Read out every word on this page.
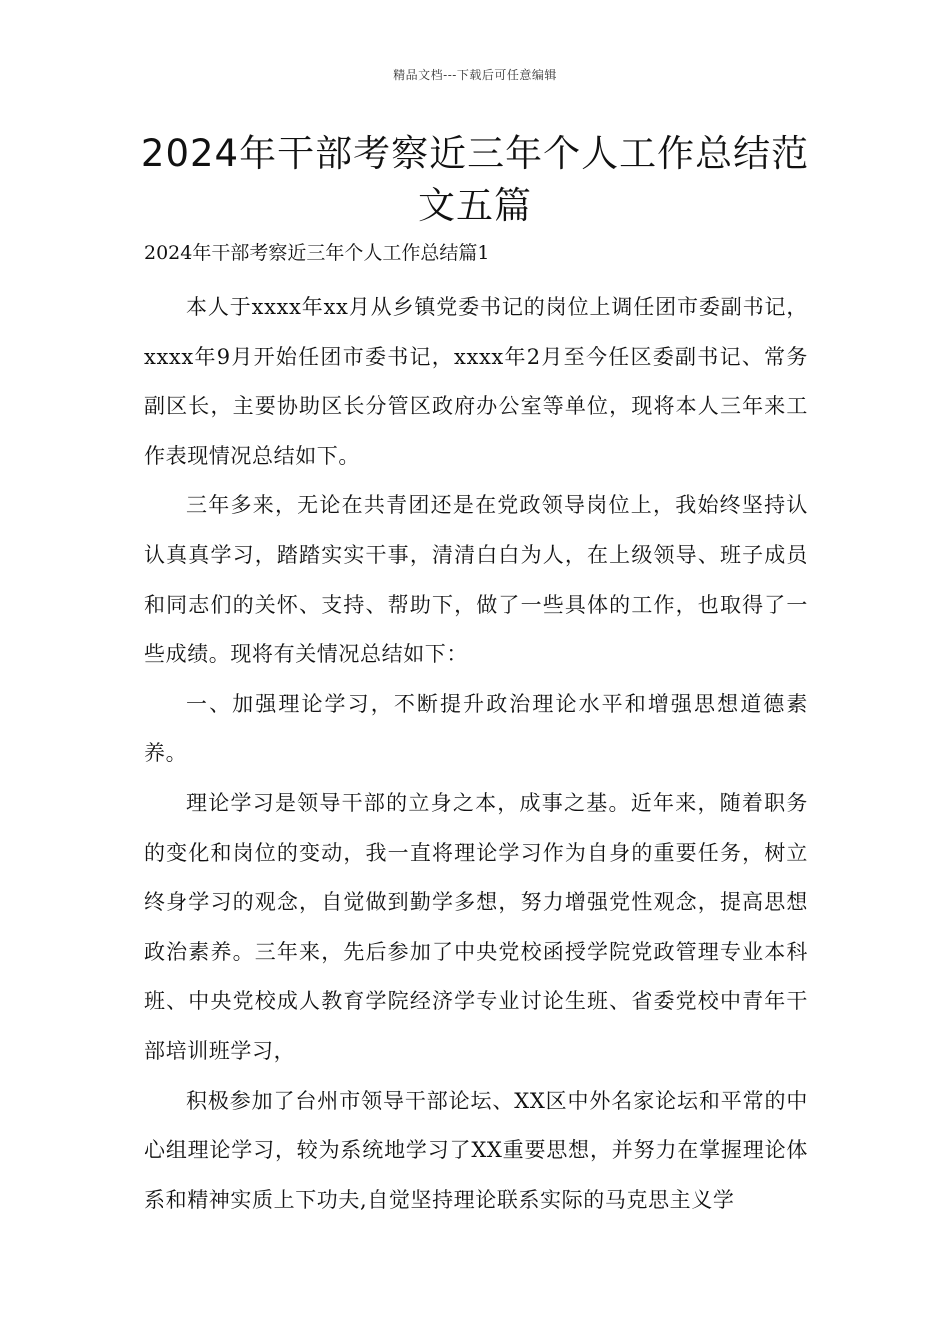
精品文档---下载后可任意编辑
2024年干部考察近三年个人工作总结范文五篇
2024年干部考察近三年个人工作总结篇1

本人于xxxx年xx月从乡镇党委书记的岗位上调任团市委副书记，xxxx年9月开始任团市委书记，xxxx年2月至今任区委副书记、常务副区长，主要协助区长分管区政府办公室等单位，现将本人三年来工作表现情况总结如下。

三年多来，无论在共青团还是在党政领导岗位上，我始终坚持认认真真学习，踏踏实实干事，清清白白为人，在上级领导、班子成员和同志们的关怀、支持、帮助下，做了一些具体的工作，也取得了一些成绩。现将有关情况总结如下：

一、加强理论学习，不断提升政治理论水平和增强思想道德素养。

理论学习是领导干部的立身之本，成事之基。近年来，随着职务的变化和岗位的变动，我一直将理论学习作为自身的重要任务，树立终身学习的观念，自觉做到勤学多想，努力增强党性观念，提高思想政治素养。三年来，先后参加了中央党校函授学院党政管理专业本科班、中央党校成人教育学院经济学专业讨论生班、省委党校中青年干部培训班学习，

积极参加了台州市领导干部论坛、XX区中外名家论坛和平常的中心组理论学习，较为系统地学习了XX重要思想，并努力在掌握理论体系和精神实质上下功夫,自觉坚持理论联系实际的马克思主义学
